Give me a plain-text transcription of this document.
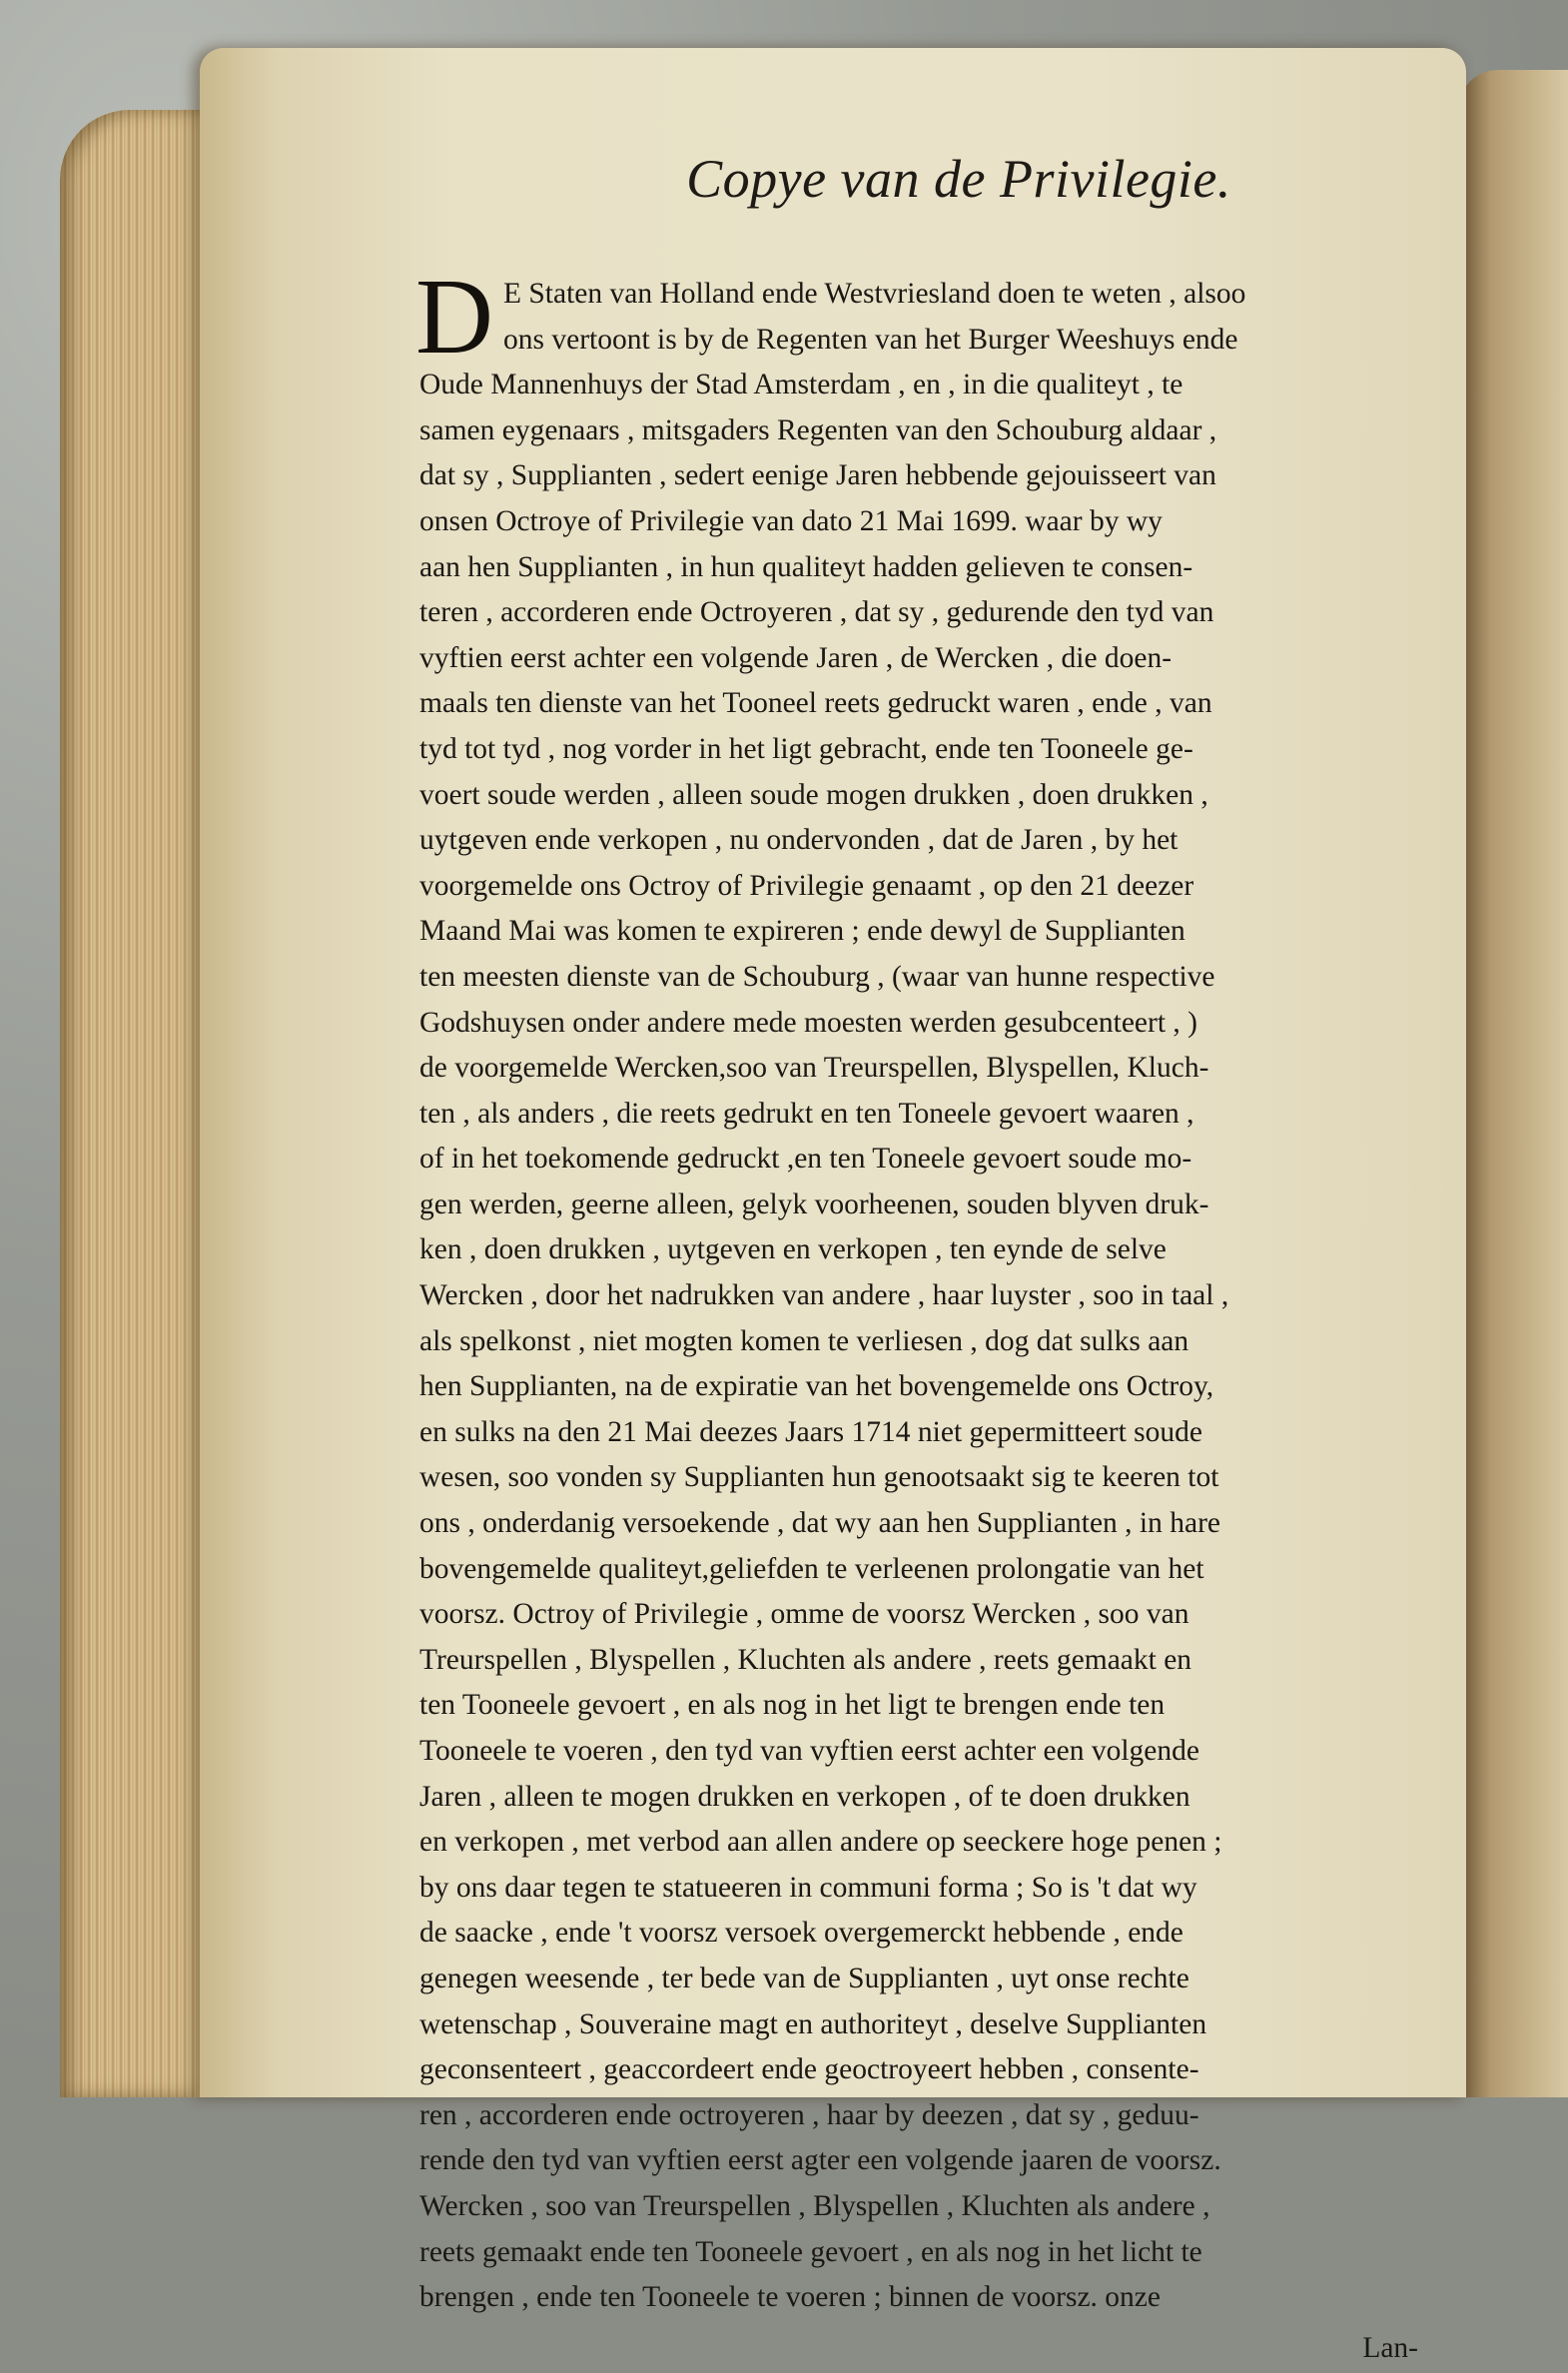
Copye van de Privilegie.
D E Staten van Holland ende Westvriesland doen te weten , alsoo
ons vertoont is by de Regenten van het Burger Weeshuys ende
Oude Mannenhuys der Stad Amsterdam , en , in die qualiteyt , te
samen eygenaars , mitsgaders Regenten van den Schouburg aldaar ,
dat sy , Supplianten , sedert eenige Jaren hebbende gejouisseert van
onsen Octroye of Privilegie van dato 21 Mai 1699. waar by wy
aan hen Supplianten , in hun qualiteyt hadden gelieven te consen-
teren , accorderen ende Octroyeren , dat sy , gedurende den tyd van
vyftien eerst achter een volgende Jaren , de Wercken , die doen-
maals ten dienste van het Tooneel reets gedruckt waren , ende , van
tyd tot tyd , nog vorder in het ligt gebracht, ende ten Tooneele ge-
voert soude werden , alleen soude mogen drukken , doen drukken ,
uytgeven ende verkopen , nu ondervonden , dat de Jaren , by het
voorgemelde ons Octroy of Privilegie genaamt , op den 21 deezer
Maand Mai was komen te expireren ; ende dewyl de Supplianten
ten meesten dienste van de Schouburg , (waar van hunne respective
Godshuysen onder andere mede moesten werden gesubcenteert , )
de voorgemelde Wercken,soo van Treurspellen, Blyspellen, Kluch-
ten , als anders , die reets gedrukt en ten Toneele gevoert waaren ,
of in het toekomende gedruckt ,en ten Toneele gevoert soude mo-
gen werden, geerne alleen, gelyk voorheenen, souden blyven druk-
ken , doen drukken , uytgeven en verkopen , ten eynde de selve
Wercken , door het nadrukken van andere , haar luyster , soo in taal ,
als spelkonst , niet mogten komen te verliesen , dog dat sulks aan
hen Supplianten, na de expiratie van het bovengemelde ons Octroy,
en sulks na den 21 Mai deezes Jaars 1714 niet gepermitteert soude
wesen, soo vonden sy Supplianten hun genootsaakt sig te keeren tot
ons , onderdanig versoekende , dat wy aan hen Supplianten , in hare
bovengemelde qualiteyt,geliefden te verleenen prolongatie van het
voorsz. Octroy of Privilegie , omme de voorsz Wercken , soo van
Treurspellen , Blyspellen , Kluchten als andere , reets gemaakt en
ten Tooneele gevoert , en als nog in het ligt te brengen ende ten
Tooneele te voeren , den tyd van vyftien eerst achter een volgende
Jaren , alleen te mogen drukken en verkopen , of te doen drukken
en verkopen , met verbod aan allen andere op seeckere hoge penen ;
by ons daar tegen te statueeren in communi forma ; So is 't dat wy
de saacke , ende 't voorsz versoek overgemerckt hebbende , ende
genegen weesende , ter bede van de Supplianten , uyt onse rechte
wetenschap , Souveraine magt en authoriteyt , deselve Supplianten
geconsenteert , geaccordeert ende geoctroyeert hebben , consente-
ren , accorderen ende octroyeren , haar by deezen , dat sy , geduu-
rende den tyd van vyftien eerst agter een volgende jaaren de voorsz.
Wercken , soo van Treurspellen , Blyspellen , Kluchten als andere ,
reets gemaakt ende ten Tooneele gevoert , en als nog in het licht te
brengen , ende ten Tooneele te voeren ; binnen de voorsz. onze
Lan-
